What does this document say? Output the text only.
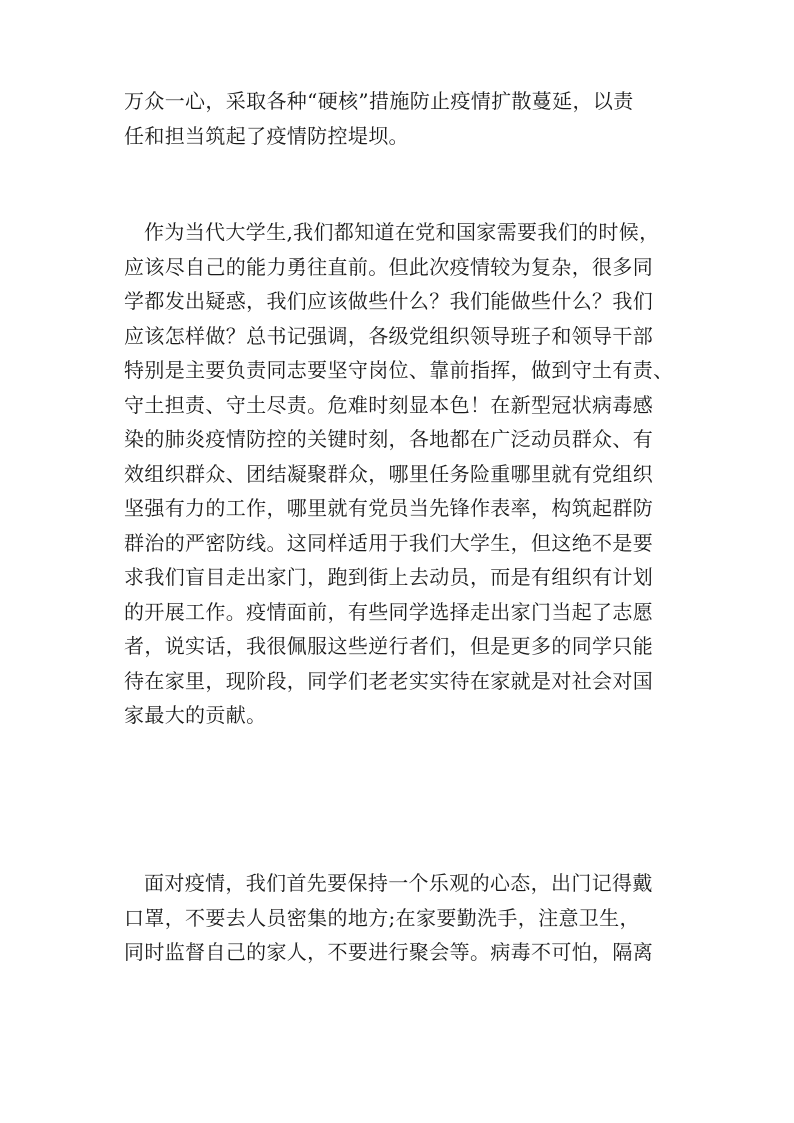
万众一心，采取各种“硬核”措施防止疫情扩散蔓延，以责
任和担当筑起了疫情防控堤坝。
作为当代大学生,我们都知道在党和国家需要我们的时候，
应该尽自己的能力勇往直前。但此次疫情较为复杂，很多同
学都发出疑惑，我们应该做些什么？我们能做些什么？我们
应该怎样做？总书记强调，各级党组织领导班子和领导干部
特别是主要负责同志要坚守岗位、靠前指挥，做到守土有责、
守土担责、守土尽责。危难时刻显本色！在新型冠状病毒感
染的肺炎疫情防控的关键时刻，各地都在广泛动员群众、有
效组织群众、团结凝聚群众，哪里任务险重哪里就有党组织
坚强有力的工作，哪里就有党员当先锋作表率，构筑起群防
群治的严密防线。这同样适用于我们大学生，但这绝不是要
求我们盲目走出家门，跑到街上去动员，而是有组织有计划
的开展工作。疫情面前，有些同学选择走出家门当起了志愿
者，说实话，我很佩服这些逆行者们，但是更多的同学只能
待在家里，现阶段，同学们老老实实待在家就是对社会对国
家最大的贡献。
面对疫情，我们首先要保持一个乐观的心态，出门记得戴
口罩，不要去人员密集的地方;在家要勤洗手，注意卫生，
同时监督自己的家人，不要进行聚会等。病毒不可怕，隔离
